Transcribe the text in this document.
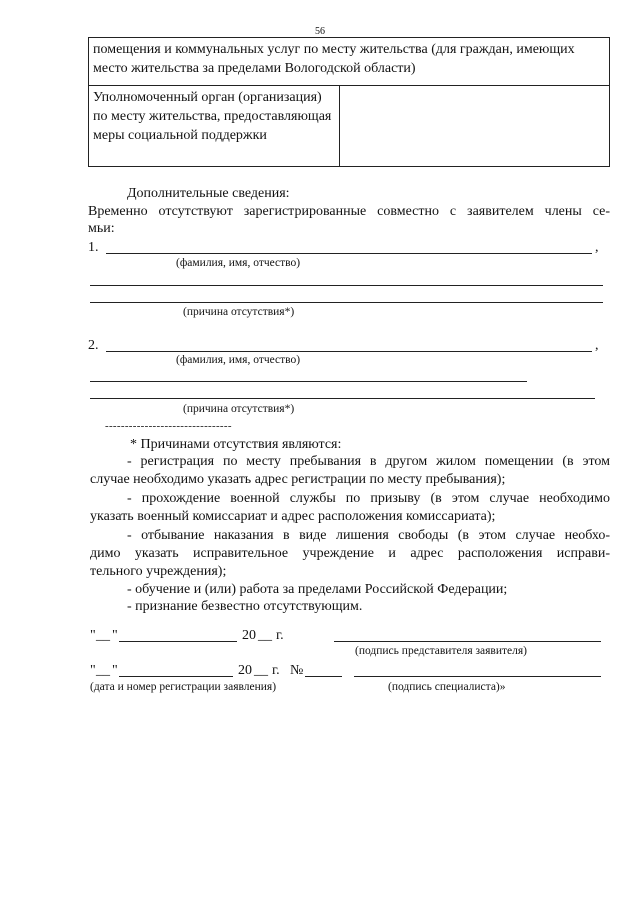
56
помещения и коммунальных услуг по месту жительства (для граждан, имеющих место жительства за пределами Вологодской области)
Уполномоченный орган (организация) по месту жительства, предоставляющая меры социальной поддержки	
Дополнительные сведения:
Временно отсутствуют зарегистрированные совместно с заявителем члены се-
мьи:
1.	,
(фамилия, имя, отчество)
(причина отсутствия*)
2.	,
(фамилия, имя, отчество)
(причина отсутствия*)
--------------------------------
* Причинами отсутствия являются:
- регистрация по месту пребывания в другом жилом помещении (в этом
случае необходимо указать адрес регистрации по месту пребывания);
- прохождение военной службы по призыву (в этом случае необходимо
указать военный комиссариат и адрес расположения комиссариата);
- отбывание наказания в виде лишения свободы (в этом случае необхо-
димо указать исправительное учреждение и адрес расположения исправи-
тельного учреждения);
- обучение и (или) работа за пределами Российской Федерации;
- признание безвестно отсутствующим.
" __ "	20 __ г.
(подпись представителя заявителя)
" __ "	20 __ г. №
(дата и номер регистрации заявления)	(подпись специалиста)»
